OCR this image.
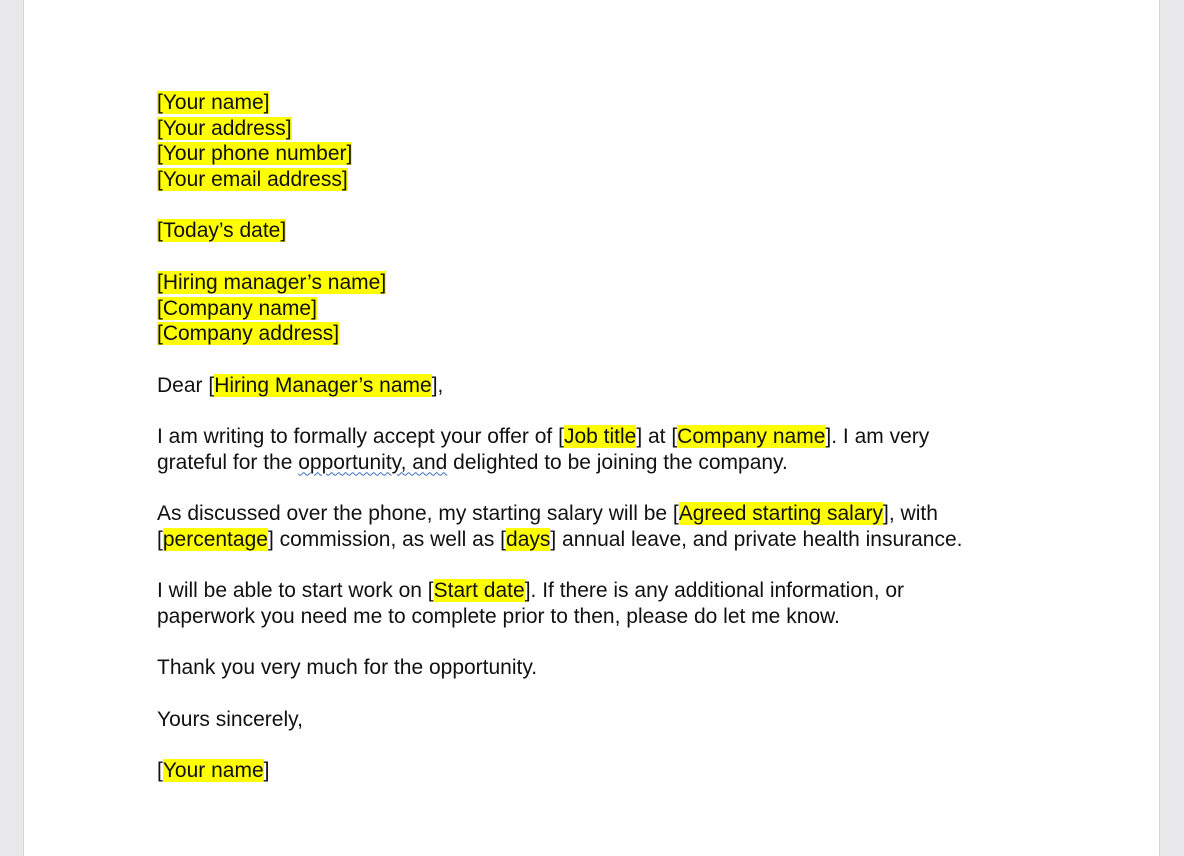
[Your name]
[Your address]
[Your phone number]
[Your email address]
[Today’s date]
[Hiring manager’s name]
[Company name]
[Company address]
Dear [Hiring Manager’s name],
I am writing to formally accept your offer of [Job title] at [Company name]. I am very
grateful for the opportunity, and delighted to be joining the company.
As discussed over the phone, my starting salary will be [Agreed starting salary], with
[percentage] commission, as well as [days] annual leave, and private health insurance.
I will be able to start work on [Start date]. If there is any additional information, or
paperwork you need me to complete prior to then, please do let me know.
Thank you very much for the opportunity.
Yours sincerely,
[Your name]
